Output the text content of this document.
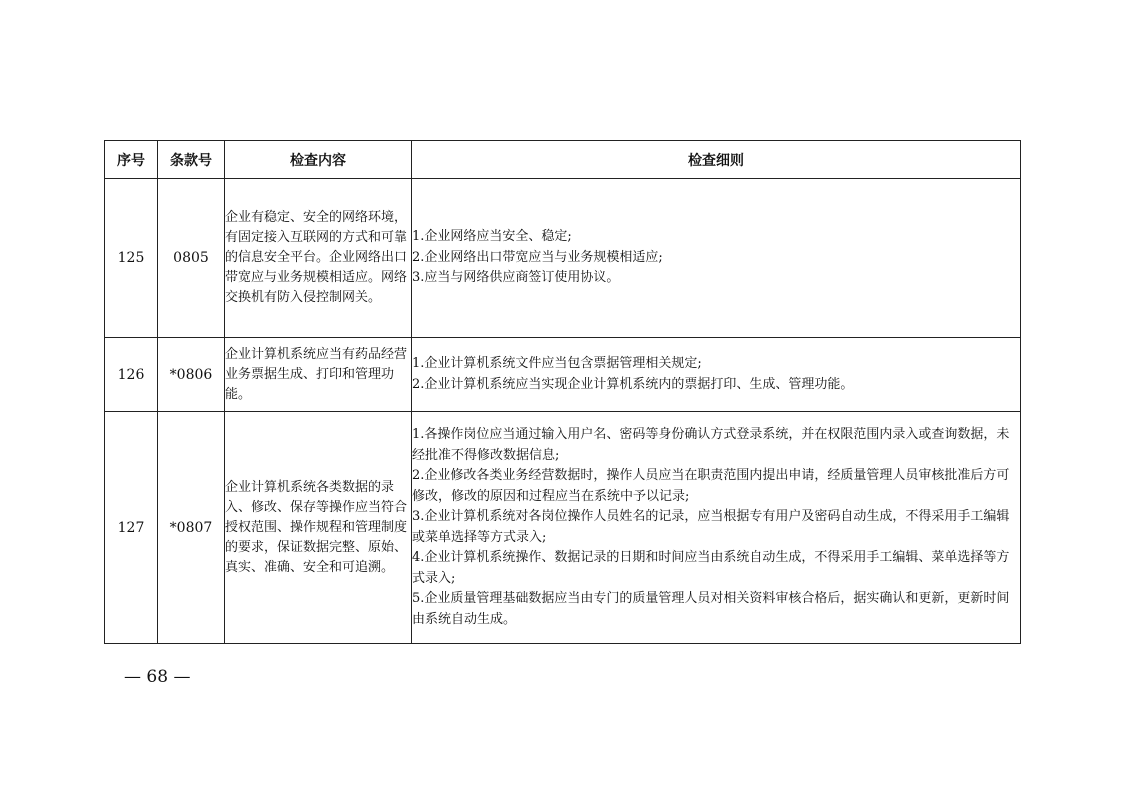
序号	条款号	检查内容	检查细则
125	0805	企业有稳定、安全的网络环境，有固定接入互联网的方式和可靠的信息安全平台。企业网络出口带宽应与业务规模相适应。网络交换机有防入侵控制网关。	1.企业网络应当安全、稳定;
2.企业网络出口带宽应当与业务规模相适应;
3.应当与网络供应商签订使用协议。

126	*0806	企业计算机系统应当有药品经营业务票据生成、打印和管理功能。	1.企业计算机系统文件应当包含票据管理相关规定;
2.企业计算机系统应当实现企业计算机系统内的票据打印、生成、管理功能。

127	*0807	企业计算机系统各类数据的录入、修改、保存等操作应当符合授权范围、操作规程和管理制度的要求，保证数据完整、原始、真实、准确、安全和可追溯。	1.各操作岗位应当通过输入用户名、密码等身份确认方式登录系统，并在权限范围内录入或查询数据，未经批准不得修改数据信息;
2.企业修改各类业务经营数据时，操作人员应当在职责范围内提出申请，经质量管理人员审核批准后方可修改，修改的原因和过程应当在系统中予以记录;
3.企业计算机系统对各岗位操作人员姓名的记录，应当根据专有用户及密码自动生成，不得采用手工编辑或菜单选择等方式录入;
4.企业计算机系统操作、数据记录的日期和时间应当由系统自动生成，不得采用手工编辑、菜单选择等方式录入;
5.企业质量管理基础数据应当由专门的质量管理人员对相关资料审核合格后，据实确认和更新，更新时间由系统自动生成。
— 68 —
